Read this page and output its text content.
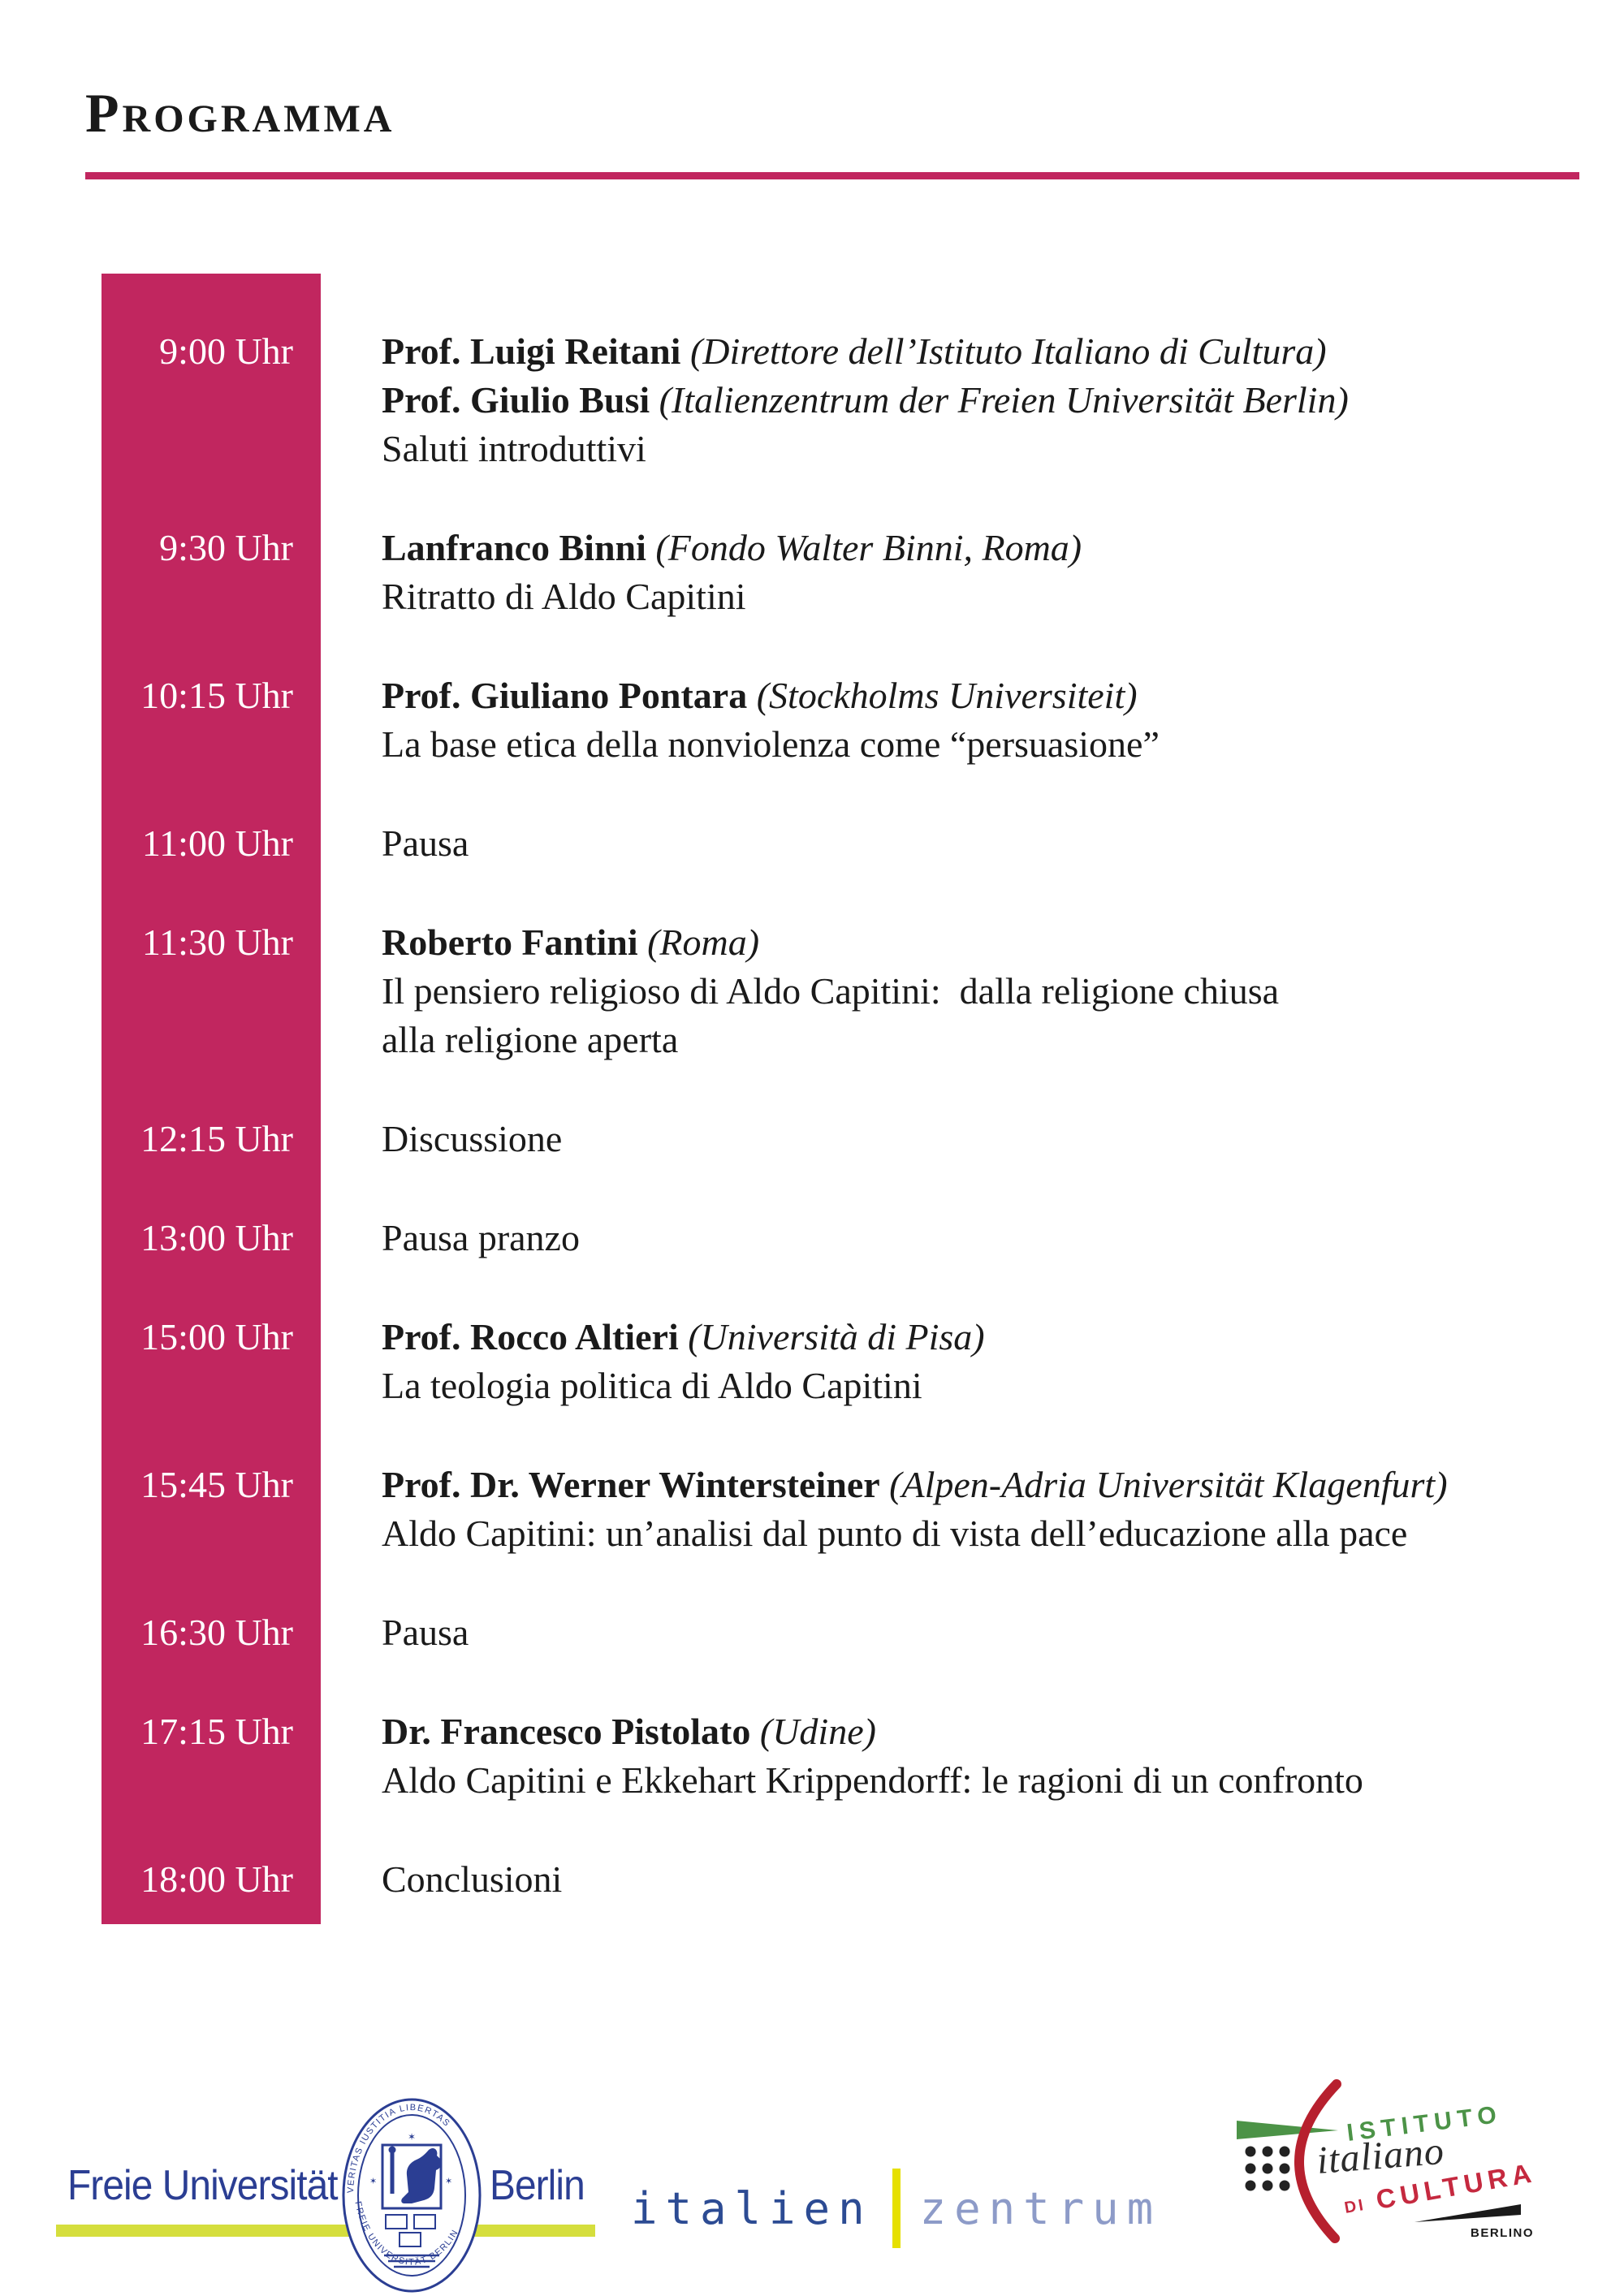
Programma
9:00 Uhr	Prof. Luigi Reitani (Direttore dell’Istituto Italiano di Cultura)
Prof. Giulio Busi (Italienzentrum der Freien Universität Berlin)
Saluti introduttivi
9:30 Uhr	Lanfranco Binni (Fondo Walter Binni, Roma)
Ritratto di Aldo Capitini
10:15 Uhr	Prof. Giuliano Pontara (Stockholms Universiteit)
La base etica della nonviolenza come “persuasione”
11:00 Uhr	Pausa
11:30 Uhr	Roberto Fantini (Roma)
Il pensiero religioso di Aldo Capitini:  dalla religione chiusa
alla religione aperta
12:15 Uhr	Discussione
13:00 Uhr	Pausa pranzo
15:00 Uhr	Prof. Rocco Altieri (Università di Pisa)
La teologia politica di Aldo Capitini
15:45 Uhr	Prof. Dr. Werner Wintersteiner (Alpen-Adria Universität Klagenfurt)
Aldo Capitini: un’analisi dal punto di vista dell’educazione alla pace
16:30 Uhr	Pausa
17:15 Uhr	Dr. Francesco Pistolato (Udine)
Aldo Capitini e Ekkehart Krippendorff: le ragioni di un confronto
18:00 Uhr	Conclusioni
Freie Universität	Berlin
VERITAS IUSTITIA LIBERTAS
FREIE UNIVERSITÄT BERLIN
✶
✶	✶
italien zentrum
ISTITUTO
italiano
DI CULTURA
BERLINO
